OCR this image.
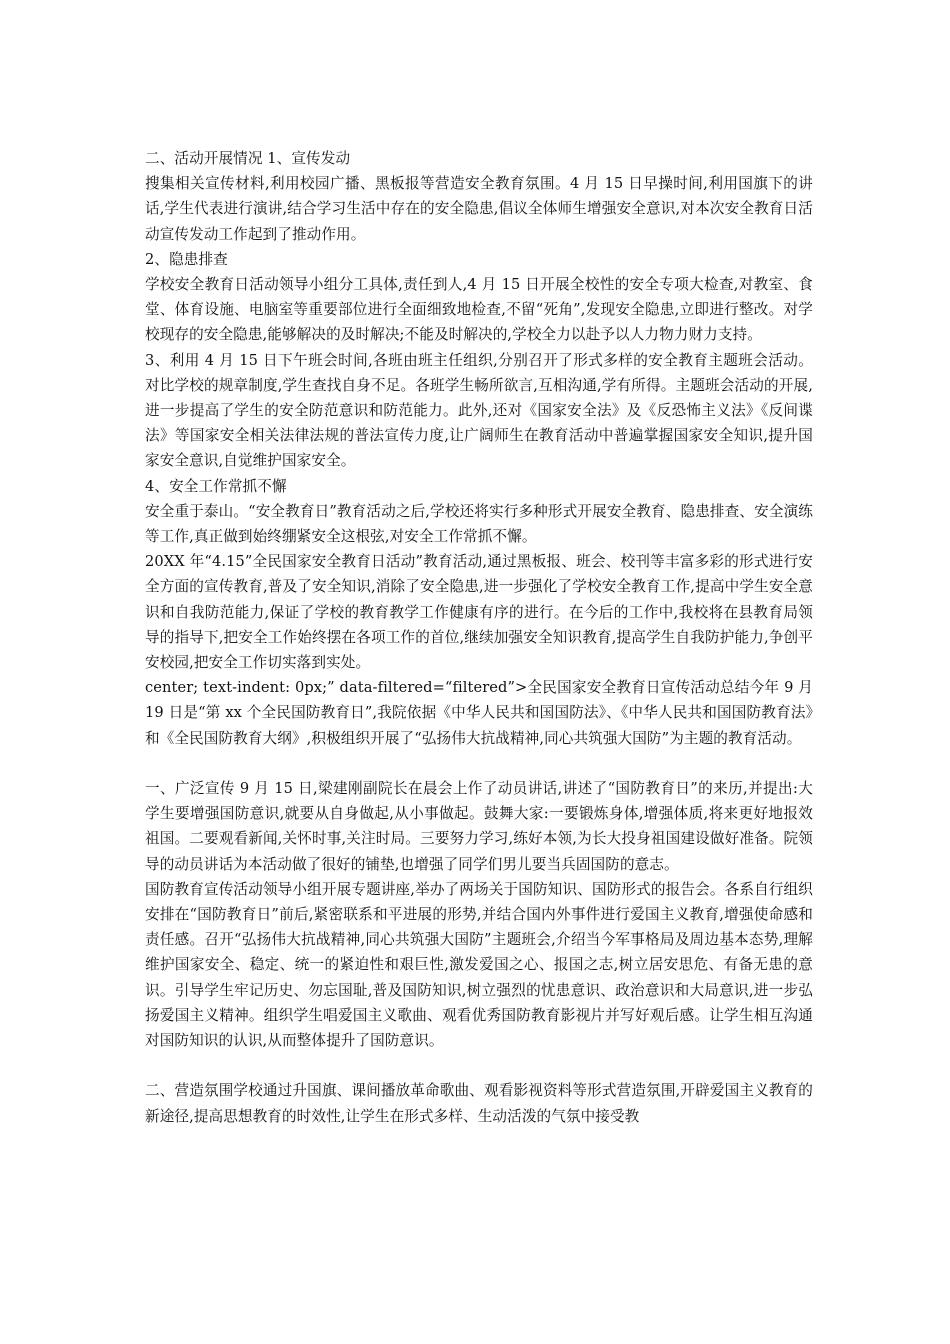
二、活动开展情况 1、宣传发动

搜集相关宣传材料,利用校园广播、黑板报等营造安全教育氛围。4 月 15 日早操时间,利用国旗下的讲话,学生代表进行演讲,结合学习生活中存在的安全隐患,倡议全体师生增强安全意识,对本次安全教育日活动宣传发动工作起到了推动作用。

2、隐患排查

学校安全教育日活动领导小组分工具体,责任到人,4 月 15 日开展全校性的安全专项大检查,对教室、食堂、体育设施、电脑室等重要部位进行全面细致地检查,不留“死角”,发现安全隐患,立即进行整改。对学校现存的安全隐患,能够解决的及时解决;不能及时解决的,学校全力以赴予以人力物力财力支持。

3、利用 4 月 15 日下午班会时间,各班由班主任组织,分别召开了形式多样的安全教育主题班会活动。对比学校的规章制度,学生查找自身不足。各班学生畅所欲言,互相沟通,学有所得。主题班会活动的开展,进一步提高了学生的安全防范意识和防范能力。此外,还对《国家安全法》及《反恐怖主义法》《反间谍法》等国家安全相关法律法规的普法宣传力度,让广阔师生在教育活动中普遍掌握国家安全知识,提升国家安全意识,自觉维护国家安全。

4、安全工作常抓不懈

安全重于泰山。“安全教育日”教育活动之后,学校还将实行多种形式开展安全教育、隐患排查、安全演练等工作,真正做到始终绷紧安全这根弦,对安全工作常抓不懈。

20XX 年“4.15”全民国家安全教育日活动”教育活动,通过黑板报、班会、校刊等丰富多彩的形式进行安全方面的宣传教育,普及了安全知识,消除了安全隐患,进一步强化了学校安全教育工作,提高中学生安全意识和自我防范能力,保证了学校的教育教学工作健康有序的进行。在今后的工作中,我校将在县教育局领导的指导下,把安全工作始终摆在各项工作的首位,继续加强安全知识教育,提高学生自我防护能力,争创平安校园,把安全工作切实落到实处。

center; text-indent: 0px;” data-filtered=“filtered”>全民国家安全教育日宣传活动总结今年 9 月 19 日是“第 xx 个全民国防教育日”,我院依据《中华人民共和国国防法》、《中华人民共和国国防教育法》和《全民国防教育大纲》,积极组织开展了“弘扬伟大抗战精神,同心共筑强大国防”为主题的教育活动。

一、广泛宣传 9 月 15 日,梁建刚副院长在晨会上作了动员讲话,讲述了“国防教育日”的来历,并提出:大学生要增强国防意识,就要从自身做起,从小事做起。鼓舞大家:一要锻炼身体,增强体质,将来更好地报效祖国。二要观看新闻,关怀时事,关注时局。三要努力学习,练好本领,为长大投身祖国建设做好准备。院领导的动员讲话为本活动做了很好的铺垫,也增强了同学们男儿要当兵固国防的意志。

国防教育宣传活动领导小组开展专题讲座,举办了两场关于国防知识、国防形式的报告会。各系自行组织安排在“国防教育日”前后,紧密联系和平进展的形势,并结合国内外事件进行爱国主义教育,增强使命感和责任感。召开“弘扬伟大抗战精神,同心共筑强大国防”主题班会,介绍当今军事格局及周边基本态势,理解维护国家安全、稳定、统一的紧迫性和艰巨性,激发爱国之心、报国之志,树立居安思危、有备无患的意识。引导学生牢记历史、勿忘国耻,普及国防知识,树立强烈的忧患意识、政治意识和大局意识,进一步弘扬爱国主义精神。组织学生唱爱国主义歌曲、观看优秀国防教育影视片并写好观后感。让学生相互沟通对国防知识的认识,从而整体提升了国防意识。

二、营造氛围学校通过升国旗、课间播放革命歌曲、观看影视资料等形式营造氛围,开辟爱国主义教育的新途径,提高思想教育的时效性,让学生在形式多样、生动活泼的气氛中接受教
